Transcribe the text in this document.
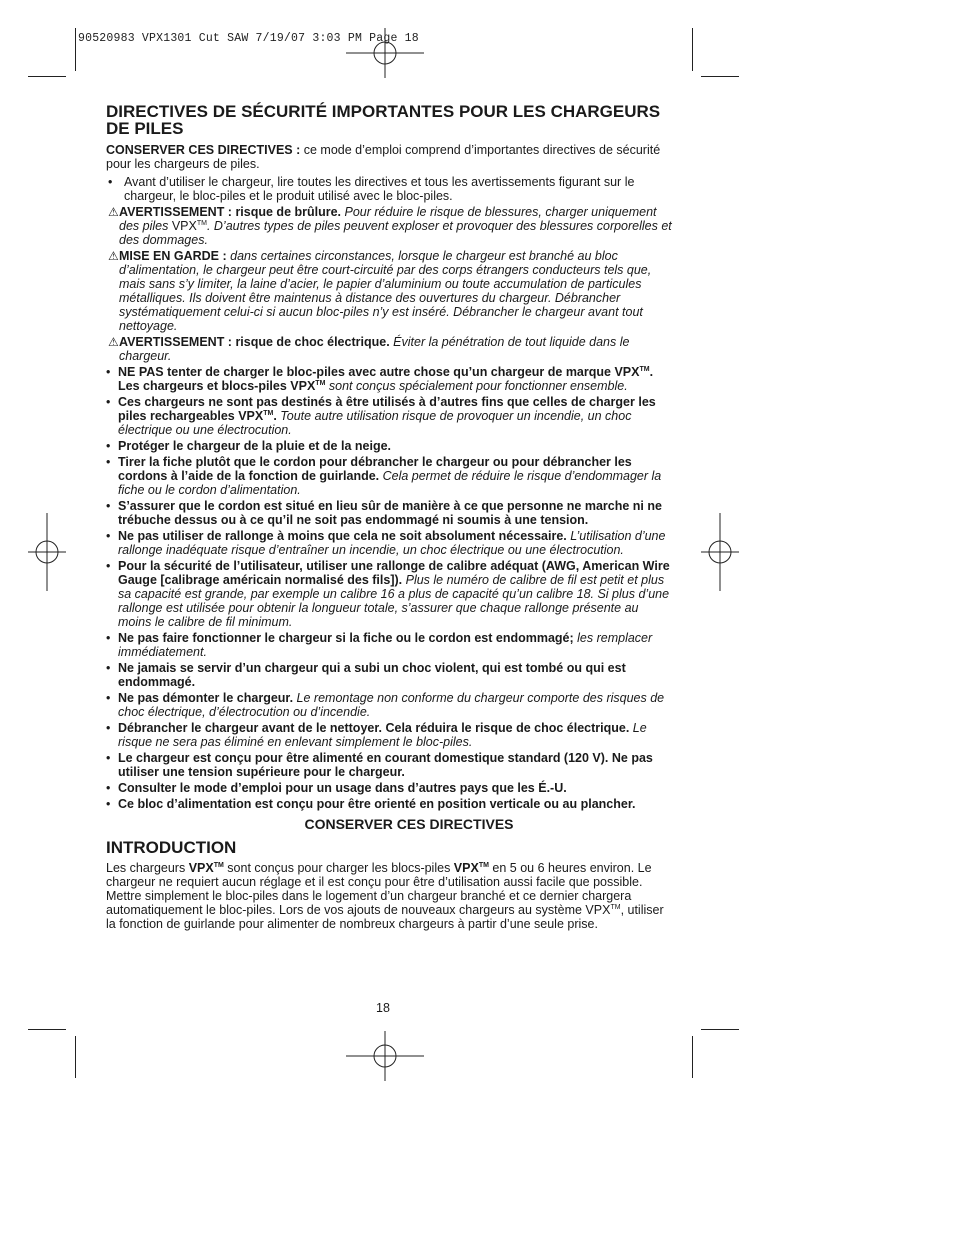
90520983 VPX1301 Cut SAW 7/19/07 3:03 PM Page 18
DIRECTIVES DE SÉCURITÉ IMPORTANTES POUR LES CHARGEURS DE PILES

CONSERVER CES DIRECTIVES : ce mode d’emploi comprend d’importantes directives de sécurité pour les chargeurs de piles.

• Avant d’utiliser le chargeur, lire toutes les directives et tous les avertissements figurant sur le chargeur, le bloc-piles et le produit utilisé avec le bloc-piles.
⚠ AVERTISSEMENT : risque de brûlure. Pour réduire le risque de blessures, charger uniquement des piles VPX™. D’autres types de piles peuvent exploser et provoquer des blessures corporelles et des dommages.
⚠ MISE EN GARDE : dans certaines circonstances, lorsque le chargeur est branché au bloc d’alimentation, le chargeur peut être court-circuité par des corps étrangers conducteurs tels que, mais sans s’y limiter, la laine d’acier, le papier d’aluminium ou toute accumulation de particules métalliques. Ils doivent être maintenus à distance des ouvertures du chargeur. Débrancher systématiquement celui-ci si aucun bloc-piles n’y est inséré. Débrancher le chargeur avant tout nettoyage.
⚠ AVERTISSEMENT : risque de choc électrique. Éviter la pénétration de tout liquide dans le chargeur.
• NE PAS tenter de charger le bloc-piles avec autre chose qu’un chargeur de marque VPX™. Les chargeurs et blocs-piles VPX™ sont conçus spécialement pour fonctionner ensemble.
• Ces chargeurs ne sont pas destinés à être utilisés à d’autres fins que celles de charger les piles rechargeables VPX™. Toute autre utilisation risque de provoquer un incendie, un choc électrique ou une électrocution.
• Protéger le chargeur de la pluie et de la neige.
• Tirer la fiche plutôt que le cordon pour débrancher le chargeur ou pour débrancher les cordons à l’aide de la fonction de guirlande. Cela permet de réduire le risque d’endommager la fiche ou le cordon d’alimentation.
• S’assurer que le cordon est situé en lieu sûr de manière à ce que personne ne marche ni ne trébuche dessus ou à ce qu’il ne soit pas endommagé ni soumis à une tension.
• Ne pas utiliser de rallonge à moins que cela ne soit absolument nécessaire. L’utilisation d’une rallonge inadéquate risque d’entraîner un incendie, un choc électrique ou une électrocution.
• Pour la sécurité de l’utilisateur, utiliser une rallonge de calibre adéquat (AWG, American Wire Gauge [calibrage américain normalisé des fils]). Plus le numéro de calibre de fil est petit et plus sa capacité est grande, par exemple un calibre 16 a plus de capacité qu’un calibre 18. Si plus d’une rallonge est utilisée pour obtenir la longueur totale, s’assurer que chaque rallonge présente au moins le calibre de fil minimum.
• Ne pas faire fonctionner le chargeur si la fiche ou le cordon est endommagé; les remplacer immédiatement.
• Ne jamais se servir d’un chargeur qui a subi un choc violent, qui est tombé ou qui est endommagé.
• Ne pas démonter le chargeur. Le remontage non conforme du chargeur comporte des risques de choc électrique, d’électrocution ou d’incendie.
• Débrancher le chargeur avant de le nettoyer. Cela réduira le risque de choc électrique. Le risque ne sera pas éliminé en enlevant simplement le bloc-piles.
• Le chargeur est conçu pour être alimenté en courant domestique standard (120 V). Ne pas utiliser une tension supérieure pour le chargeur.
• Consulter le mode d’emploi pour un usage dans d’autres pays que les É.-U.
• Ce bloc d’alimentation est conçu pour être orienté en position verticale ou au plancher.
CONSERVER CES DIRECTIVES
INTRODUCTION

Les chargeurs VPX™ sont conçus pour charger les blocs-piles VPX™ en 5 ou 6 heures environ. Le chargeur ne requiert aucun réglage et il est conçu pour être d’utilisation aussi facile que possible. Mettre simplement le bloc-piles dans le logement d’un chargeur branché et ce dernier chargera automatiquement le bloc-piles. Lors de vos ajouts de nouveaux chargeurs au système VPX™, utiliser la fonction de guirlande pour alimenter de nombreux chargeurs à partir d’une seule prise.

18
